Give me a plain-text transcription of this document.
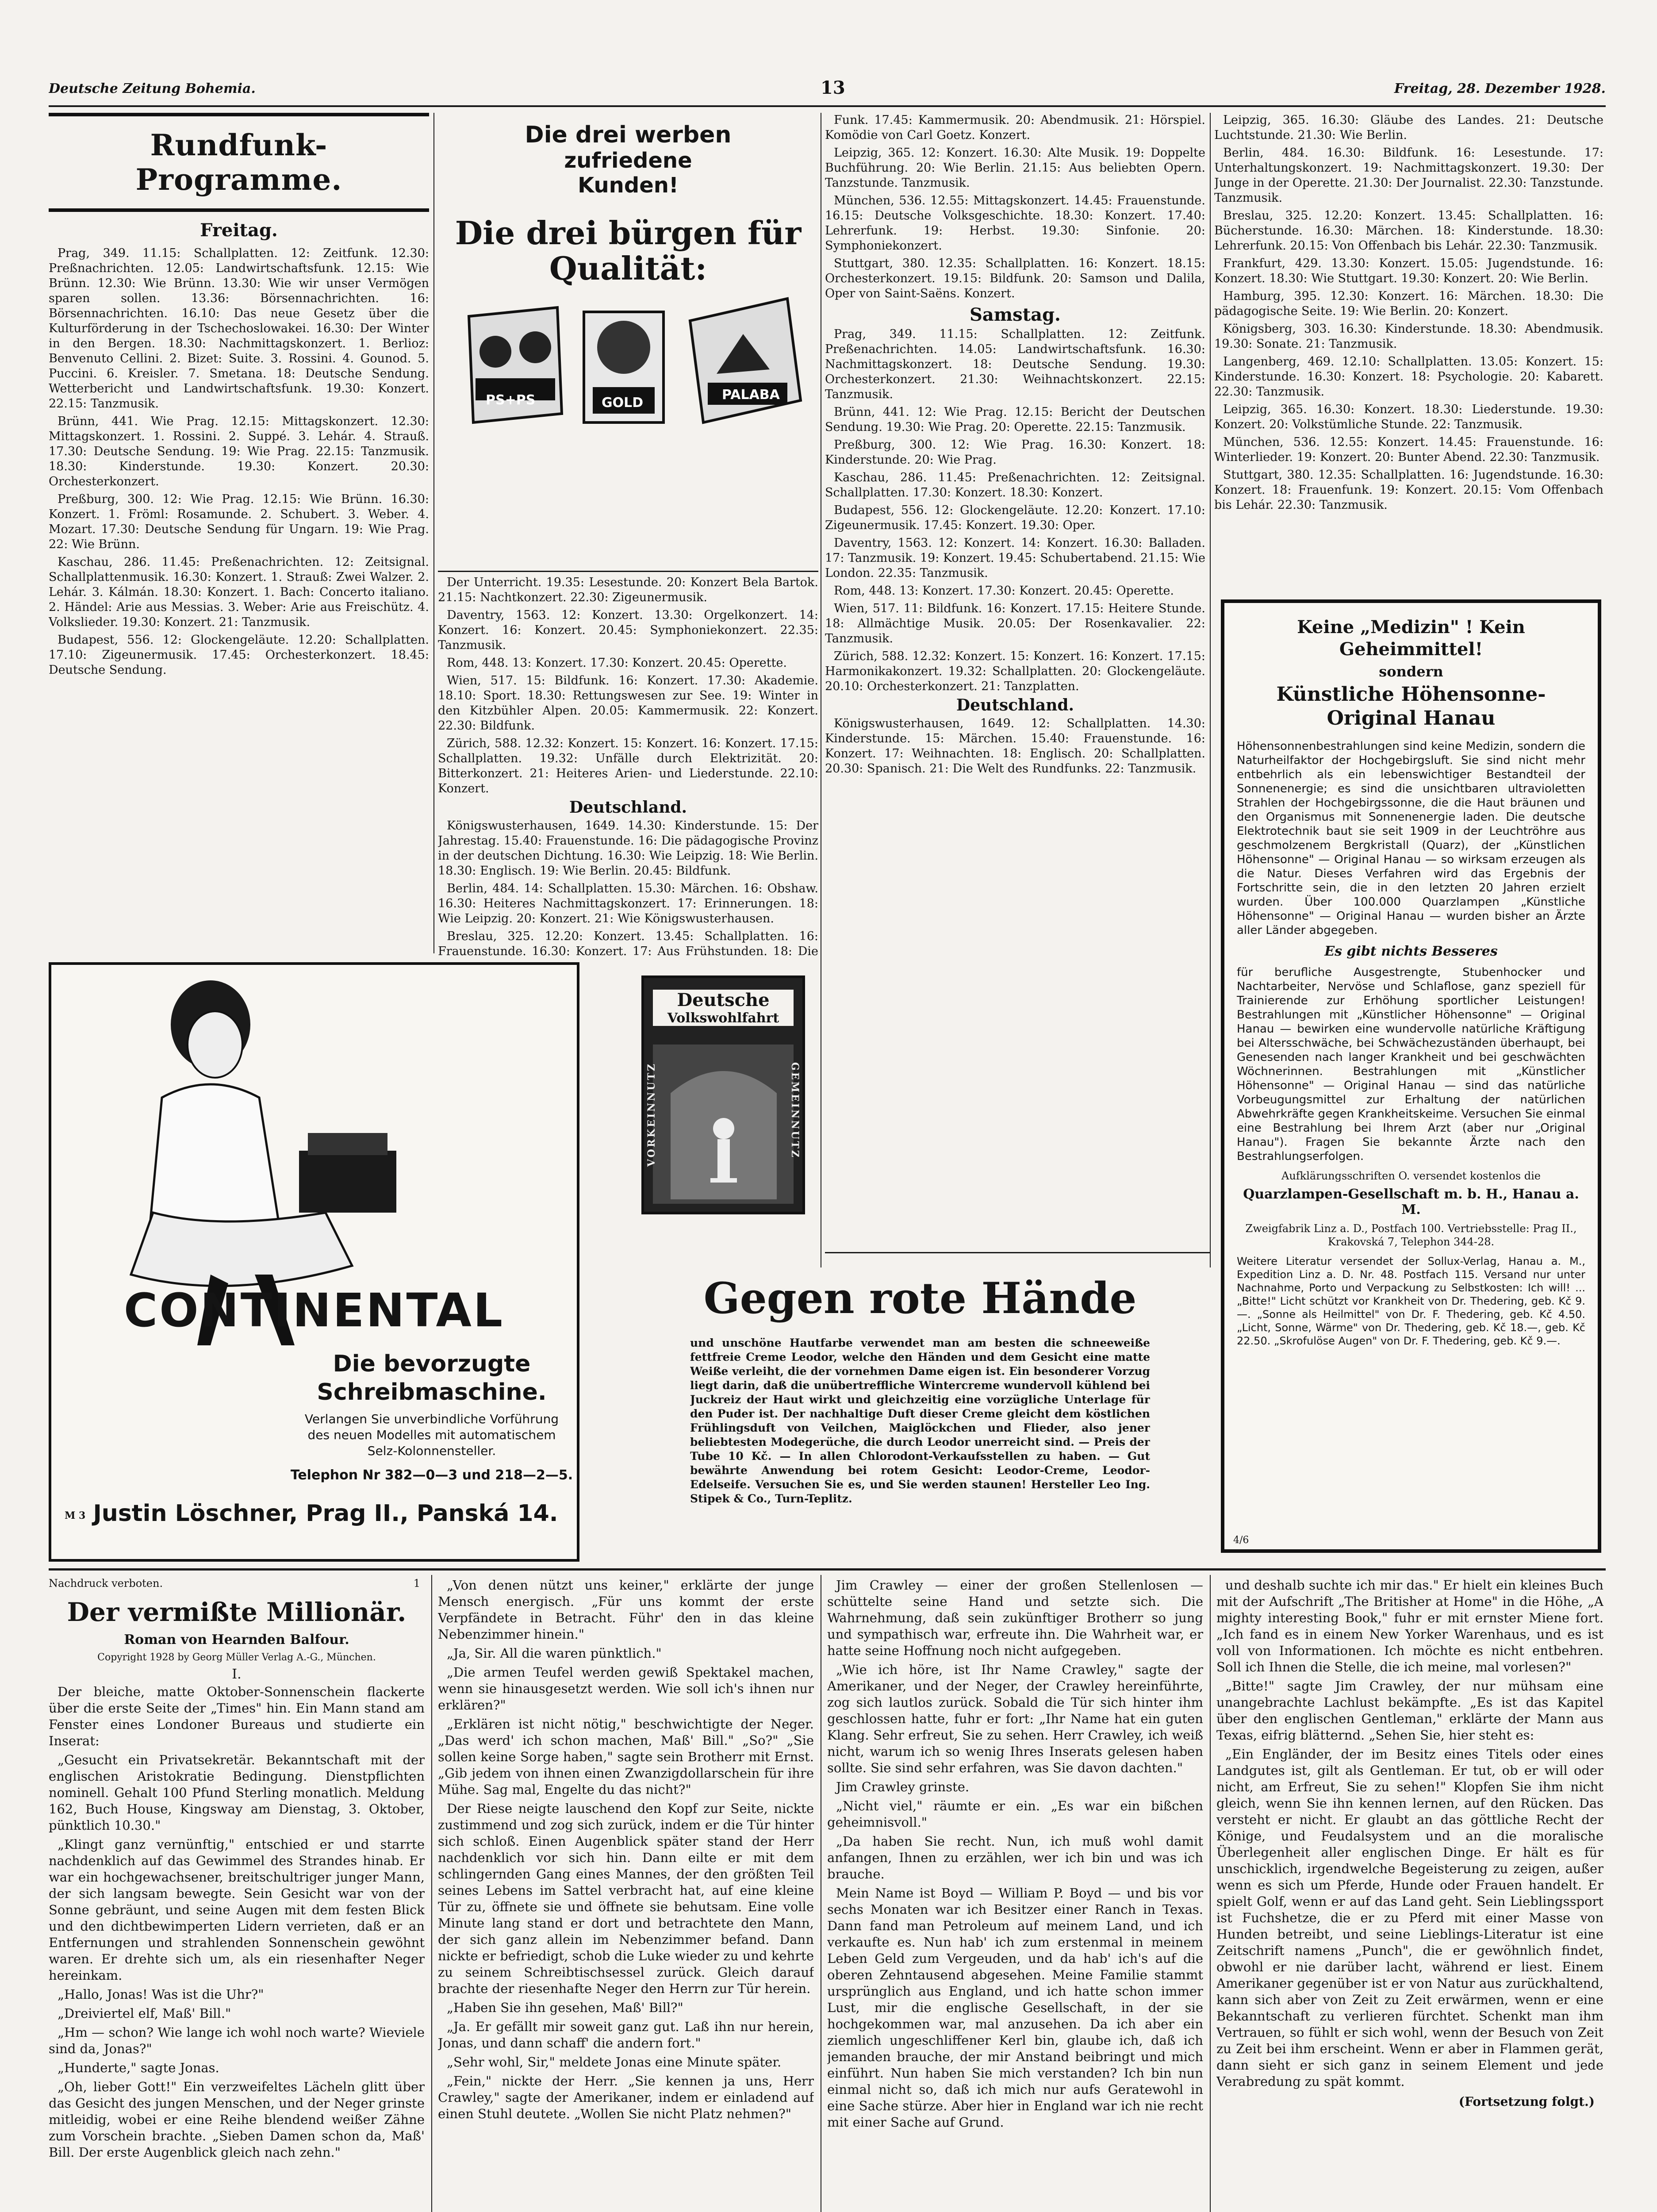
Deutsche Zeitung Bohemia.	13	Freitag, 28. Dezember 1928.
Rundfunk-Programme.
Freitag.

Prag, 349. 11.15: Schallplatten. 12: Zeitfunk. 12.30: Preßnachrichten. 12.05: Landwirtschaftsfunk. 12.15: Wie Brünn. 12.30: Wie Brünn. 13.30: Wie wir unser Vermögen sparen sollen. 13.36: Börsennachrichten. 16: Börsennachrichten. 16.10: Das neue Gesetz über die Kulturförderung in der Tschechoslowakei. 16.30: Der Winter in den Bergen. 18.30: Nachmittagskonzert. 1. Berlioz: Benvenuto Cellini. 2. Bizet: Suite. 3. Rossini. 4. Gounod. 5. Puccini. 6. Kreisler. 7. Smetana. 18: Deutsche Sendung. Wetterbericht und Landwirtschaftsfunk. 19.30: Konzert. 22.15: Tanzmusik.

Brünn, 441. Wie Prag. 12.15: Mittagskonzert. 12.30: Mittagskonzert. 1. Rossini. 2. Suppé. 3. Lehár. 4. Strauß. 17.30: Deutsche Sendung. 19: Wie Prag. 22.15: Tanzmusik. 18.30: Kinderstunde. 19.30: Konzert. 20.30: Orchesterkonzert.

Preßburg, 300. 12: Wie Prag. 12.15: Wie Brünn. 16.30: Konzert. 1. Fröml: Rosamunde. 2. Schubert. 3. Weber. 4. Mozart. 17.30: Deutsche Sendung für Ungarn. 19: Wie Prag. 22: Wie Brünn.

Kaschau, 286. 11.45: Preßenachrichten. 12: Zeitsignal. Schallplattenmusik. 16.30: Konzert. 1. Strauß: Zwei Walzer. 2. Lehár. 3. Kálmán. 18.30: Konzert. 1. Bach: Concerto italiano. 2. Händel: Arie aus Messias. 3. Weber: Arie aus Freischütz. 4. Volkslieder. 19.30: Konzert. 21: Tanzmusik.

Budapest, 556. 12: Glockengeläute. 12.20: Schallplatten. 17.10: Zigeunermusik. 17.45: Orchesterkonzert. 18.45: Deutsche Sendung.

Die drei werben
zufriedene
Kunden!
Die drei bürgen für Qualität:
PS+PS	GOLD
PALABA

Der Unterricht. 19.35: Lesestunde. 20: Konzert Bela Bartok. 21.15: Nachtkonzert. 22.30: Zigeunermusik.

Daventry, 1563. 12: Konzert. 13.30: Orgelkonzert. 14: Konzert. 16: Konzert. 20.45: Symphoniekonzert. 22.35: Tanzmusik.

Rom, 448. 13: Konzert. 17.30: Konzert. 20.45: Operette.

Wien, 517. 15: Bildfunk. 16: Konzert. 17.30: Akademie. 18.10: Sport. 18.30: Rettungswesen zur See. 19: Winter in den Kitzbühler Alpen. 20.05: Kammermusik. 22: Konzert. 22.30: Bildfunk.

Zürich, 588. 12.32: Konzert. 15: Konzert. 16: Konzert. 17.15: Schallplatten. 19.32: Unfälle durch Elektrizität. 20: Bitterkonzert. 21: Heiteres Arien- und Liederstunde. 22.10: Konzert.

Deutschland.

Königswusterhausen, 1649. 14.30: Kinderstunde. 15: Der Jahrestag. 15.40: Frauenstunde. 16: Die pädagogische Provinz in der deutschen Dichtung. 16.30: Wie Leipzig. 18: Wie Berlin. 18.30: Englisch. 19: Wie Berlin. 20.45: Bildfunk.

Berlin, 484. 14: Schallplatten. 15.30: Märchen. 16: Obshaw. 16.30: Heiteres Nachmittagskonzert. 17: Erinnerungen. 18: Wie Leipzig. 20: Konzert. 21: Wie Königswusterhausen.

Breslau, 325. 12.20: Konzert. 13.45: Schallplatten. 16: Frauenstunde. 16.30: Konzert. 17: Aus Frühstunden. 18: Die

Funk. 17.45: Kammermusik. 20: Abendmusik. 21: Hörspiel. Komödie von Carl Goetz. Konzert.

Leipzig, 365. 12: Konzert. 16.30: Alte Musik. 19: Doppelte Buchführung. 20: Wie Berlin. 21.15: Aus beliebten Opern. Tanzstunde. Tanzmusik.

München, 536. 12.55: Mittagskonzert. 14.45: Frauenstunde. 16.15: Deutsche Volksgeschichte. 18.30: Konzert. 17.40: Lehrerfunk. 19: Herbst. 19.30: Sinfonie. 20: Symphoniekonzert.

Stuttgart, 380. 12.35: Schallplatten. 16: Konzert. 18.15: Orchesterkonzert. 19.15: Bildfunk. 20: Samson und Dalila, Oper von Saint-Saëns. Konzert.

Samstag.

Prag, 349. 11.15: Schallplatten. 12: Zeitfunk. Preßenachrichten. 14.05: Landwirtschaftsfunk. 16.30: Nachmittagskonzert. 18: Deutsche Sendung. 19.30: Orchesterkonzert. 21.30: Weihnachtskonzert. 22.15: Tanzmusik.

Brünn, 441. 12: Wie Prag. 12.15: Bericht der Deutschen Sendung. 19.30: Wie Prag. 20: Operette. 22.15: Tanzmusik.

Preßburg, 300. 12: Wie Prag. 16.30: Konzert. 18: Kinderstunde. 20: Wie Prag.

Kaschau, 286. 11.45: Preßenachrichten. 12: Zeitsignal. Schallplatten. 17.30: Konzert. 18.30: Konzert.

Budapest, 556. 12: Glockengeläute. 12.20: Konzert. 17.10: Zigeunermusik. 17.45: Konzert. 19.30: Oper.

Daventry, 1563. 12: Konzert. 14: Konzert. 16.30: Balladen. 17: Tanzmusik. 19: Konzert. 19.45: Schubertabend. 21.15: Wie London. 22.35: Tanzmusik.

Rom, 448. 13: Konzert. 17.30: Konzert. 20.45: Operette.

Wien, 517. 11: Bildfunk. 16: Konzert. 17.15: Heitere Stunde. 18: Allmächtige Musik. 20.05: Der Rosenkavalier. 22: Tanzmusik.

Zürich, 588. 12.32: Konzert. 15: Konzert. 16: Konzert. 17.15: Harmonikakonzert. 19.32: Schallplatten. 20: Glockengeläute. 20.10: Orchesterkonzert. 21: Tanzplatten.

Deutschland.

Königswusterhausen, 1649. 12: Schallplatten. 14.30: Kinderstunde. 15: Märchen. 15.40: Frauenstunde. 16: Konzert. 17: Weihnachten. 18: Englisch. 20: Schallplatten. 20.30: Spanisch. 21: Die Welt des Rundfunks. 22: Tanzmusik.

Leipzig, 365. 16.30: Gläube des Landes. 21: Deutsche Luchtstunde. 21.30: Wie Berlin.

Berlin, 484. 16.30: Bildfunk. 16: Lesestunde. 17: Unterhaltungskonzert. 19: Nachmittagskonzert. 19.30: Der Junge in der Operette. 21.30: Der Journalist. 22.30: Tanzstunde. Tanzmusik.

Breslau, 325. 12.20: Konzert. 13.45: Schallplatten. 16: Bücherstunde. 16.30: Märchen. 18: Kinderstunde. 18.30: Lehrerfunk. 20.15: Von Offenbach bis Lehár. 22.30: Tanzmusik.

Frankfurt, 429. 13.30: Konzert. 15.05: Jugendstunde. 16: Konzert. 18.30: Wie Stuttgart. 19.30: Konzert. 20: Wie Berlin.

Hamburg, 395. 12.30: Konzert. 16: Märchen. 18.30: Die pädagogische Seite. 19: Wie Berlin. 20: Konzert.

Königsberg, 303. 16.30: Kinderstunde. 18.30: Abendmusik. 19.30: Sonate. 21: Tanzmusik.

Langenberg, 469. 12.10: Schallplatten. 13.05: Konzert. 15: Kinderstunde. 16.30: Konzert. 18: Psychologie. 20: Kabarett. 22.30: Tanzmusik.

Leipzig, 365. 16.30: Konzert. 18.30: Liederstunde. 19.30: Konzert. 20: Volkstümliche Stunde. 22: Tanzmusik.

München, 536. 12.55: Konzert. 14.45: Frauenstunde. 16: Winterlieder. 19: Konzert. 20: Bunter Abend. 22.30: Tanzmusik.

Stuttgart, 380. 12.35: Schallplatten. 16: Jugendstunde. 16.30: Konzert. 18: Frauenfunk. 19: Konzert. 20.15: Vom Offenbach bis Lehár. 22.30: Tanzmusik.

Keine „Medizin" ! Kein Geheimmittel!
sondern
Künstliche Höhensonne-Original Hanau
Höhensonnenbestrahlungen sind keine Medizin, sondern die Naturheilfaktor der Hochgebirgsluft. Sie sind nicht mehr entbehrlich als ein lebenswichtiger Bestandteil der Sonnenenergie; es sind die unsichtbaren ultravioletten Strahlen der Hochgebirgssonne, die die Haut bräunen und den Organismus mit Sonnenenergie laden. Die deutsche Elektrotechnik baut sie seit 1909 in der Leuchtröhre aus geschmolzenem Bergkristall (Quarz), der „Künstlichen Höhensonne" — Original Hanau — so wirksam erzeugen als die Natur. Dieses Verfahren wird das Ergebnis der Fortschritte sein, die in den letzten 20 Jahren erzielt wurden. Über 100.000 Quarzlampen „Künstliche Höhensonne" — Original Hanau — wurden bisher an Ärzte aller Länder abgegeben.
Es gibt nichts Besseres
für berufliche Ausgestrengte, Stubenhocker und Nachtarbeiter, Nervöse und Schlaflose, ganz speziell für Trainierende zur Erhöhung sportlicher Leistungen! Bestrahlungen mit „Künstlicher Höhensonne" — Original Hanau — bewirken eine wundervolle natürliche Kräftigung bei Altersschwäche, bei Schwächezuständen überhaupt, bei Genesenden nach langer Krankheit und bei geschwächten Wöchnerinnen. Bestrahlungen mit „Künstlicher Höhensonne" — Original Hanau — sind das natürliche Vorbeugungsmittel zur Erhaltung der natürlichen Abwehrkräfte gegen Krankheitskeime. Versuchen Sie einmal eine Bestrahlung bei Ihrem Arzt (aber nur „Original Hanau"). Fragen Sie bekannte Ärzte nach den Bestrahlungserfolgen.
Aufklärungsschriften O. versendet kostenlos die
Quarzlampen-Gesellschaft m. b. H., Hanau a. M.
Zweigfabrik Linz a. D., Postfach 100. Vertriebsstelle: Prag II., Krakovská 7, Telephon 344-28.
Weitere Literatur versendet der Sollux-Verlag, Hanau a. M., Expedition Linz a. D. Nr. 48. Postfach 115. Versand nur unter Nachnahme, Porto und Verpackung zu Selbstkosten: Ich will! ... „Bitte!" Licht schützt vor Krankheit von Dr. Thedering, geb. Kč 9.—. „Sonne als Heilmittel" von Dr. F. Thedering, geb. Kč 4.50. „Licht, Sonne, Wärme" von Dr. Thedering, geb. Kč 18.—, geb. Kč 22.50. „Skrofulöse Augen" von Dr. F. Thedering, geb. Kč 9.—.
4/6
CONTINENTAL
Die bevorzugte Schreibmaschine.
Verlangen Sie unverbindliche Vorführung
des neuen Modelles mit automatischem
Selz-Kolonnensteller.
Telephon Nr 382—0—3 und 218—2—5.
M 3 Justin Löschner, Prag II., Panská 14.
Deutsche
Volkswohlfahrt
GEMEINNUTZ
VORKEINNUTZ
Gegen rote Hände
und unschöne Hautfarbe verwendet man am besten die schneeweiße fettfreie Creme Leodor, welche den Händen und dem Gesicht eine matte Weiße verleiht, die der vornehmen Dame eigen ist. Ein besonderer Vorzug liegt darin, daß die unübertreffliche Wintercreme wundervoll kühlend bei Juckreiz der Haut wirkt und gleichzeitig eine vorzügliche Unterlage für den Puder ist. Der nachhaltige Duft dieser Creme gleicht dem köstlichen Frühlingsduft von Veilchen, Maiglöckchen und Flieder, also jener beliebtesten Modegerüche, die durch Leodor unerreicht sind. — Preis der Tube 10 Kč. — In allen Chlorodont-Verkaufsstellen zu haben. — Gut bewährte Anwendung bei rotem Gesicht: Leodor-Creme, Leodor-Edelseife. Versuchen Sie es, und Sie werden staunen! Hersteller Leo Ing. Stipek & Co., Turn-Teplitz.
Nachdruck verboten.	1
Der vermißte Millionär.
Roman von Hearnden Balfour.
Copyright 1928 by Georg Müller Verlag A.-G., München.
I.

Der bleiche, matte Oktober-Sonnenschein flackerte über die erste Seite der „Times" hin. Ein Mann stand am Fenster eines Londoner Bureaus und studierte ein Inserat:

„Gesucht ein Privatsekretär. Bekanntschaft mit der englischen Aristokratie Bedingung. Dienstpflichten nominell. Gehalt 100 Pfund Sterling monatlich. Meldung 162, Buch House, Kingsway am Dienstag, 3. Oktober, pünktlich 10.30."

„Klingt ganz vernünftig," entschied er und starrte nachdenklich auf das Gewimmel des Strandes hinab. Er war ein hochgewachsener, breitschultriger junger Mann, der sich langsam bewegte. Sein Gesicht war von der Sonne gebräunt, und seine Augen mit dem festen Blick und den dichtbewimperten Lidern verrieten, daß er an Entfernungen und strahlenden Sonnenschein gewöhnt waren. Er drehte sich um, als ein riesenhafter Neger hereinkam.

„Hallo, Jonas! Was ist die Uhr?"

„Dreiviertel elf, Maß' Bill."

„Hm — schon? Wie lange ich wohl noch warte? Wieviele sind da, Jonas?"

„Hunderte," sagte Jonas.

„Oh, lieber Gott!" Ein verzweifeltes Lächeln glitt über das Gesicht des jungen Menschen, und der Neger grinste mitleidig, wobei er eine Reihe blendend weißer Zähne zum Vorschein brachte. „Sieben Damen schon da, Maß' Bill. Der erste Augenblick gleich nach zehn."

„Von denen nützt uns keiner," erklärte der junge Mensch energisch. „Für uns kommt der erste Verpfändete in Betracht. Führ' den in das kleine Nebenzimmer hinein."

„Ja, Sir. All die waren pünktlich."

„Die armen Teufel werden gewiß Spektakel machen, wenn sie hinausgesetzt werden. Wie soll ich's ihnen nur erklären?"

„Erklären ist nicht nötig," beschwichtigte der Neger. „Das werd' ich schon machen, Maß' Bill." „So?" „Sie sollen keine Sorge haben," sagte sein Brotherr mit Ernst. „Gib jedem von ihnen einen Zwanzigdollarschein für ihre Mühe. Sag mal, Engelte du das nicht?"

Der Riese neigte lauschend den Kopf zur Seite, nickte zustimmend und zog sich zurück, indem er die Tür hinter sich schloß. Einen Augenblick später stand der Herr nachdenklich vor sich hin. Dann eilte er mit dem schlingernden Gang eines Mannes, der den größten Teil seines Lebens im Sattel verbracht hat, auf eine kleine Tür zu, öffnete sie und öffnete sie behutsam. Eine volle Minute lang stand er dort und betrachtete den Mann, der sich ganz allein im Nebenzimmer befand. Dann nickte er befriedigt, schob die Luke wieder zu und kehrte zu seinem Schreibtischsessel zurück. Gleich darauf brachte der riesenhafte Neger den Herrn zur Tür herein.

„Haben Sie ihn gesehen, Maß' Bill?"

„Ja. Er gefällt mir soweit ganz gut. Laß ihn nur herein, Jonas, und dann schaff' die andern fort."

„Sehr wohl, Sir," meldete Jonas eine Minute später.

„Fein," nickte der Herr. „Sie kennen ja uns, Herr Crawley," sagte der Amerikaner, indem er einladend auf einen Stuhl deutete. „Wollen Sie nicht Platz nehmen?"

Jim Crawley — einer der großen Stellenlosen — schüttelte seine Hand und setzte sich. Die Wahrnehmung, daß sein zukünftiger Brotherr so jung und sympathisch war, erfreute ihn. Die Wahrheit war, er hatte seine Hoffnung noch nicht aufgegeben.

„Wie ich höre, ist Ihr Name Crawley," sagte der Amerikaner, und der Neger, der Crawley hereinführte, zog sich lautlos zurück. Sobald die Tür sich hinter ihm geschlossen hatte, fuhr er fort: „Ihr Name hat ein guten Klang. Sehr erfreut, Sie zu sehen. Herr Crawley, ich weiß nicht, warum ich so wenig Ihres Inserats gelesen haben sollte. Sie sind sehr erfahren, was Sie davon dachten."

Jim Crawley grinste.

„Nicht viel," räumte er ein. „Es war ein bißchen geheimnisvoll."

„Da haben Sie recht. Nun, ich muß wohl damit anfangen, Ihnen zu erzählen, wer ich bin und was ich brauche.

Mein Name ist Boyd — William P. Boyd — und bis vor sechs Monaten war ich Besitzer einer Ranch in Texas. Dann fand man Petroleum auf meinem Land, und ich verkaufte es. Nun hab' ich zum erstenmal in meinem Leben Geld zum Vergeuden, und da hab' ich's auf die oberen Zehntausend abgesehen. Meine Familie stammt ursprünglich aus England, und ich hatte schon immer Lust, mir die englische Gesellschaft, in der sie hochgekommen war, mal anzusehen. Da ich aber ein ziemlich ungeschliffener Kerl bin, glaube ich, daß ich jemanden brauche, der mir Anstand beibringt und mich einführt. Nun haben Sie mich verstanden? Ich bin nun einmal nicht so, daß ich mich nur aufs Geratewohl in eine Sache stürze. Aber hier in England war ich nie recht mit einer Sache auf Grund.

und deshalb suchte ich mir das." Er hielt ein kleines Buch mit der Aufschrift „The Britisher at Home" in die Höhe, „A mighty interesting Book," fuhr er mit ernster Miene fort. „Ich fand es in einem New Yorker Warenhaus, und es ist voll von Informationen. Ich möchte es nicht entbehren. Soll ich Ihnen die Stelle, die ich meine, mal vorlesen?"

„Bitte!" sagte Jim Crawley, der nur mühsam eine unangebrachte Lachlust bekämpfte. „Es ist das Kapitel über den englischen Gentleman," erklärte der Mann aus Texas, eifrig blätternd. „Sehen Sie, hier steht es:

„Ein Engländer, der im Besitz eines Titels oder eines Landgutes ist, gilt als Gentleman. Er tut, ob er will oder nicht, am Erfreut, Sie zu sehen!" Klopfen Sie ihm nicht gleich, wenn Sie ihn kennen lernen, auf den Rücken. Das versteht er nicht. Er glaubt an das göttliche Recht der Könige, und Feudalsystem und an die moralische Überlegenheit aller englischen Dinge. Er hält es für unschicklich, irgendwelche Begeisterung zu zeigen, außer wenn es sich um Pferde, Hunde oder Frauen handelt. Er spielt Golf, wenn er auf das Land geht. Sein Lieblingssport ist Fuchshetze, die er zu Pferd mit einer Masse von Hunden betreibt, und seine Lieblings-Literatur ist eine Zeitschrift namens „Punch", die er gewöhnlich findet, obwohl er nie darüber lacht, während er liest. Einem Amerikaner gegenüber ist er von Natur aus zurückhaltend, kann sich aber von Zeit zu Zeit erwärmen, wenn er eine Bekanntschaft zu verlieren fürchtet. Schenkt man ihm Vertrauen, so fühlt er sich wohl, wenn der Besuch von Zeit zu Zeit bei ihm erscheint. Wenn er aber in Flammen gerät, dann sieht er sich ganz in seinem Element und jede Verabredung zu spät kommt.

(Fortsetzung folgt.)
